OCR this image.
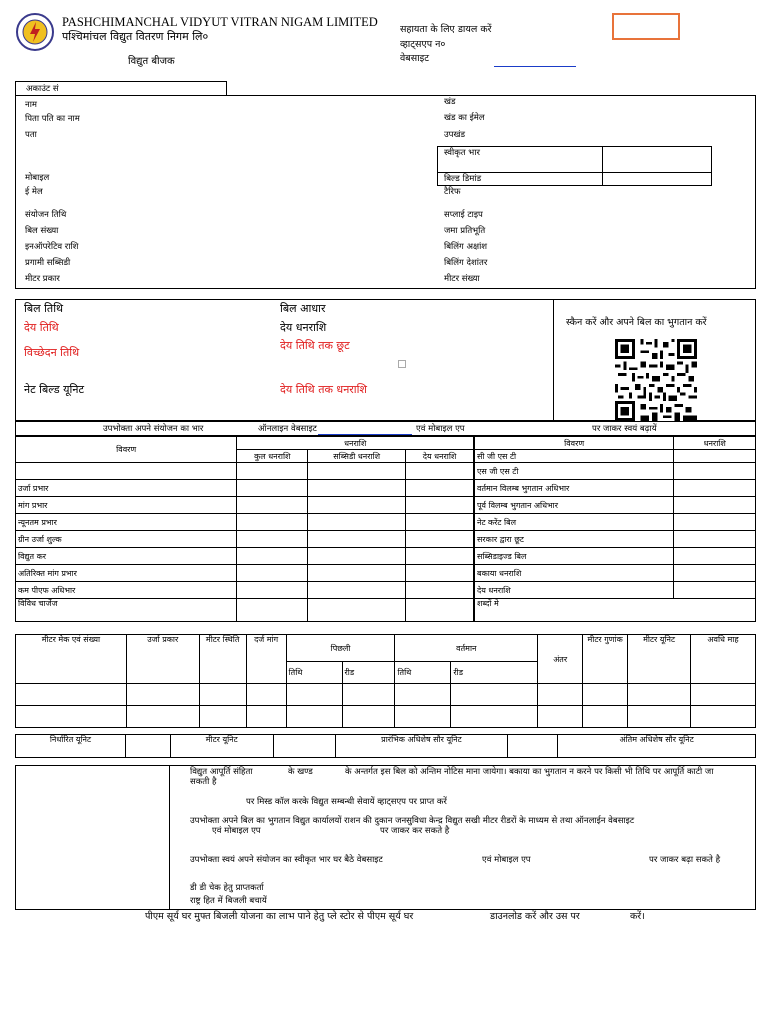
PASHCHIMANCHAL VIDYUT VITRAN NIGAM LIMITED
पश्चिमांचल विद्युत वितरण निगम लि०
विद्युत बीजक
सहायता के लिए डायल करें
व्हाट्सएप न०
वेबसाइट
अकाउंट सं
नाम
पिता पति का नाम
पता
मोबाइल
ई मेल
संयोजन तिथि
बिल संख्या
इनऑपरेटिव राशि
प्रगामी सब्सिडी
मीटर प्रकार
खंड
खंड का ईमेल
उपखंड
स्वीकृत भार
बिल्ड डिमांड
टैरिफ
सप्लाई टाइप
जमा प्रतिभूति
बिलिंग अक्षांश
बिलिंग देशांतर
मीटर संख्या
बिल तिथि	बिल आधार
देय तिथि	देय धनराशि
विच्छेदन तिथि
देय तिथि तक छूट
नेट बिल्ड यूनिट	देय तिथि तक धनराशि
स्कैन करें और अपने बिल का भुगतान करें
उपभोक्ता अपने संयोजन का भार	ऑनलाइन वेबसाइट	एवं मोबाइल एप	पर जाकर स्वयं बढ़ायें
विवरण	धनराशि		
	कुल धनराशि	सब्सिडी धनराशि	देय धनराशि

उर्जा प्रभार			
मांग प्रभार			
न्यूनतम प्रभार			
ग्रीन उर्जा शुल्क			
विद्युत कर			
अतिरिक्त मांग प्रभार			
कम पीएफ अधिभार			
विविध चार्जेज			
विवरण	धनराशि
सी जी एस टी	
एस जी एस टी	
वर्तमान विलम्ब भुगतान अधिभार	
पूर्व विलम्ब भुगतान अधिभार	
नेट करेंट बिल	
सरकार द्वारा छूट	
सब्सिडाइज्ड बिल	
बकाया धनराशि	
देय धनराशि	
शब्दों मे	
मीटर मेक एवं संख्या	उर्जा प्रकार	मीटर स्थिति	दर्ज मांग	पिछली		वर्तमान		अंतर	मीटर गुणांक	मीटर यूनिट	अवधि माह
				तिथि	रीड	तिथि	रीड				

निर्धारित यूनिट		मीटर यूनिट		प्रारंभिक अधिशेष सौर यूनिट		अंतिम अधिशेष सौर यूनिट
विद्युत आपूर्ति संहिता	के खण्ड	के अन्तर्गत इस बिल को अन्तिम नोटिस माना जायेगा। बकाया का भुगतान न करने पर किसी भी तिथि पर आपूर्ति काटी जा
सकती है
पर मिस्ड कॉल करके विद्युत सम्बन्धी सेवायें व्हाट्सएप पर प्राप्त करें
उपभोक्ता अपने बिल का भुगतान विद्युत कार्यालयों राशन की दुकान जनसुविधा केन्द्र विद्युत सखी मीटर रीडरों के माध्यम से तथा ऑनलाईन वेबसाइट
एवं मोबाइल एप	पर जाकर कर सकते है
उपभोक्ता स्वयं अपने संयोजन का स्वीकृत भार घर बैठे वेबसाइट	एवं मोबाइल एप	पर जाकर बढ़ा सकते है
डी डी चेक हेतु प्राप्तकर्ता
राष्ट्र हित में बिजली बचायें
पीएम सूर्य घर मुफ्त बिजली योजना का लाभ पाने हेतु प्ले स्टोर से पीएम सूर्य घर	डाउनलोड करें और उस पर	करें।
